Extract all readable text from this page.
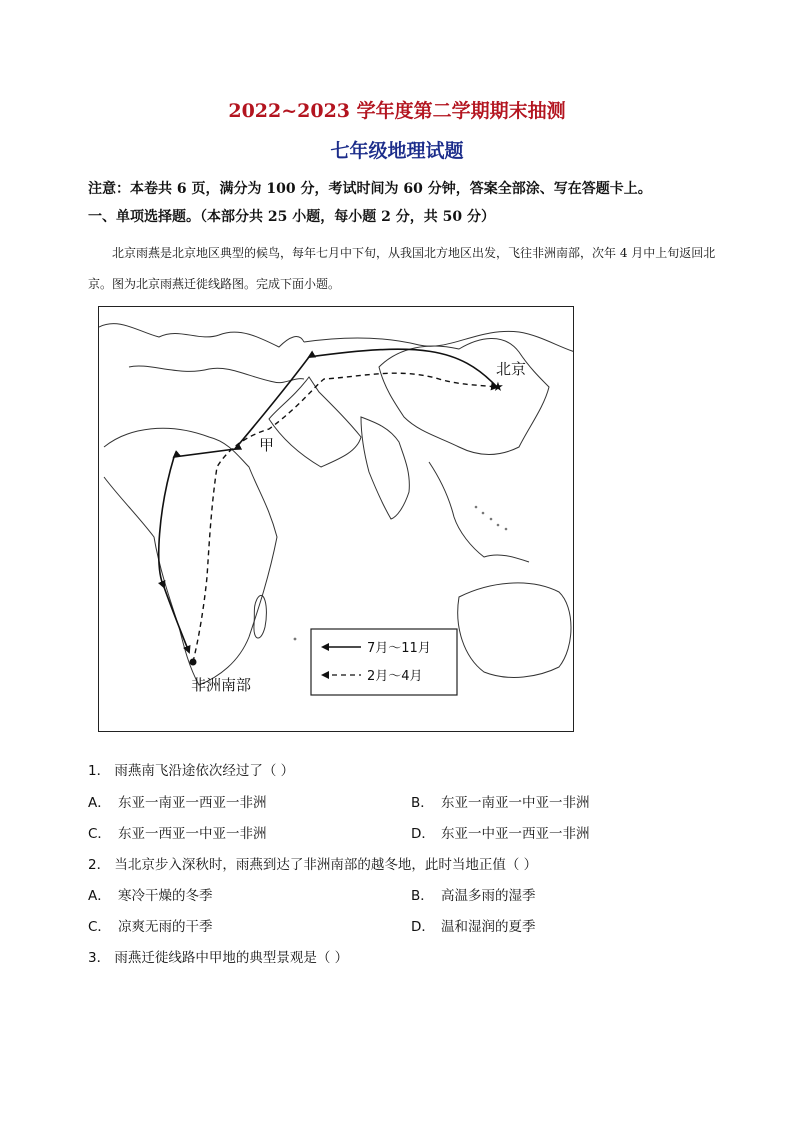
2022~2023 学年度第二学期期末抽测
七年级地理试题
注意：本卷共 6 页，满分为 100 分，考试时间为 60 分钟，答案全部涂、写在答题卡上。
一、单项选择题。（本部分共 25 小题，每小题 2 分，共 50 分）
北京雨燕是北京地区典型的候鸟，每年七月中下旬，从我国北方地区出发，飞往非洲南部，次年 4 月中上旬返回北京。图为北京雨燕迁徙线路图。完成下面小题。
★
北京
甲
非洲南部
7月～11月
2月～4月
1． 雨燕南飞沿途依次经过了（ ）
A． 东亚一南亚一西亚一非洲	B． 东亚一南亚一中亚一非洲
C． 东亚一西亚一中亚一非洲	D． 东亚一中亚一西亚一非洲
2． 当北京步入深秋时，雨燕到达了非洲南部的越冬地，此时当地正值（ ）
A． 寒冷干燥的冬季	B． 高温多雨的湿季
C． 凉爽无雨的干季	D． 温和湿润的夏季
3． 雨燕迁徙线路中甲地的典型景观是（ ）
